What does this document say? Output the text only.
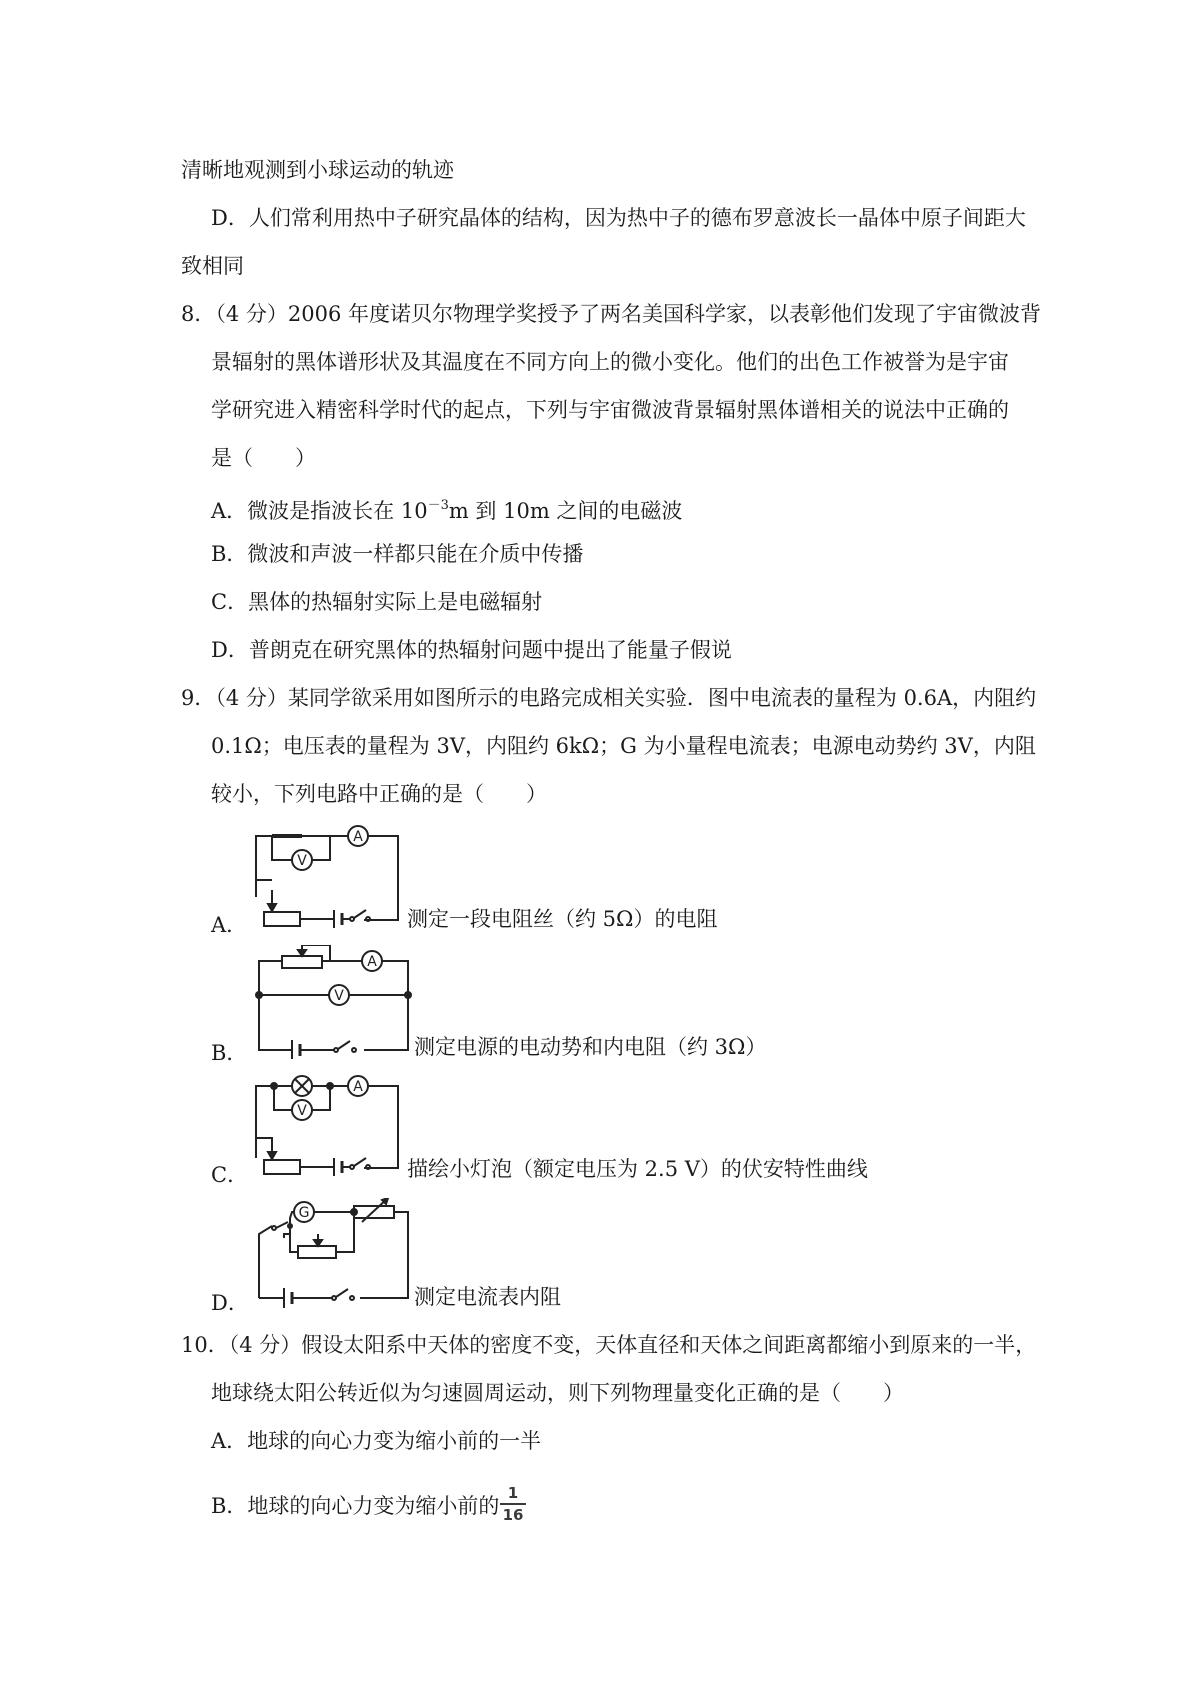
清晰地观测到小球运动的轨迹
D．人们常利用热中子研究晶体的结构，因为热中子的德布罗意波长一晶体中原子间距大
致相同
8．（4 分）2006 年度诺贝尔物理学奖授予了两名美国科学家，以表彰他们发现了宇宙微波背
景辐射的黑体谱形状及其温度在不同方向上的微小变化。他们的出色工作被誉为是宇宙
学研究进入精密科学时代的起点，下列与宇宙微波背景辐射黑体谱相关的说法中正确的
是（　　）
A．微波是指波长在 $10^{-3}m$ 到 10m 之间的电磁波
B．微波和声波一样都只能在介质中传播
C．黑体的热辐射实际上是电磁辐射
D．普朗克在研究黑体的热辐射问题中提出了能量子假说
9．（4 分）某同学欲采用如图所示的电路完成相关实验．图中电流表的量程为 0.6A，内阻约
0.1Ω；电压表的量程为 3V，内阻约 6kΩ；G 为小量程电流表；电源电动势约 3V，内阻
较小，下列电路中正确的是（　　）
A．
A
V
测定一段电阻丝（约 5Ω）的电阻
B．
A
V
测定电源的电动势和内电阻（约 3Ω）
C．
A
V
描绘小灯泡（额定电压为 2.5 V）的伏安特性曲线
D．
G
测定电流表内阻
10．（4 分）假设太阳系中天体的密度不变，天体直径和天体之间距离都缩小到原来的一半，
地球绕太阳公转近似为匀速圆周运动，则下列物理量变化正确的是（　　）
A．地球的向心力变为缩小前的一半
B．地球的向心力变为缩小前的
1
16
